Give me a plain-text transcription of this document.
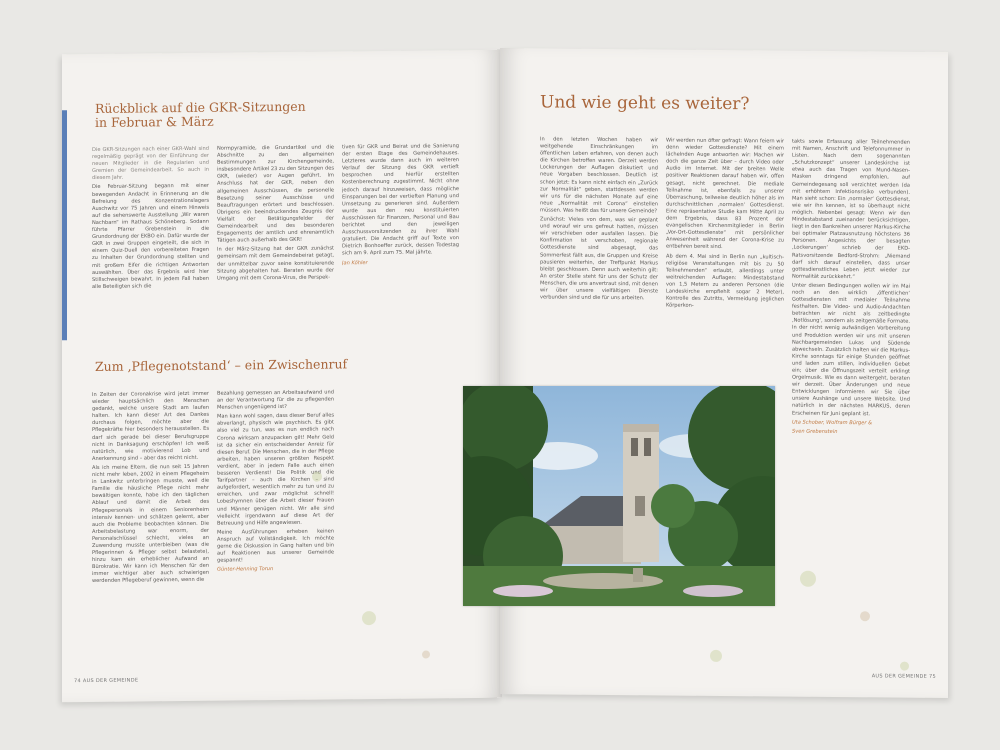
Rückblick auf die GKR-Sitzungen
in Februar & März

Die GKR-Sitzungen nach einer GKR-Wahl sind regelmäßig geprägt von der Einführung der neuen Mitglieder in die Regularien und Gremien der Gemeindearbeit. So auch in diesem Jahr.

Die Februar-Sitzung begann mit einer bewegenden Andacht in Erinnerung an die Befreiung des Konzentrationslagers Auschwitz vor 75 Jahren und einem Hinweis auf die sehenswerte Ausstellung „Wir waren Nachbarn“ im Rathaus Schöneberg. Sodann führte Pfarrer Grebenstein in die Grundordnung der EKBO ein. Dafür wurde der GKR in zwei Gruppen eingeteilt, die sich in einem Quiz-Duell den vorbereiteten Fragen zu Inhalten der Grundordnung stellten und mit großem Eifer die richtigen Antworten auswählten. Über das Ergebnis wird hier Stillschweigen bewahrt. In jedem Fall haben alle Beteiligten sich die

Normpyramide, die Grundartikel und die Abschnitte zu den allgemeinen Bestimmungen zur Kirchengemeinde, insbesondere Artikel 23 zu den Sitzungen des GKR, (wieder) vor Augen geführt. Im Anschluss hat der GKR, neben den allgemeinen Ausschüssen, die personelle Besetzung seiner Ausschüsse und Beauftragungen erörtert und beschlossen. Übrigens ein beeindruckendes Zeugnis der Vielfalt der Betätigungsfelder der Gemeindearbeit und des besonderen Engagements der amtlich und ehrenamtlich Tätigen auch außerhalb des GKR!

In der März-Sitzung hat der GKR zunächst gemeinsam mit dem Gemeindebeirat getagt, der unmittelbar zuvor seine konstituierende Sitzung abgehalten hat. Beraten wurde der Umgang mit dem Corona-Virus, die Perspek-

tiven für GKR und Beirat und die Sanierung der ersten Etage des Gemeindehauses. Letzteres wurde dann auch im weiteren Verlauf der Sitzung des GKR vertieft besprochen und hierfür erstellten Kostenberechnung zugestimmt. Nicht ohne jedoch darauf hinzuweisen, dass mögliche Einsparungen bei der vertieften Planung und Umsetzung zu generieren sind. Außerdem wurde aus den neu konstituierten Ausschüssen für Finanzen, Personal und Bau berichtet und den jeweiligen Ausschussvorsitzenden zu ihrer Wahl gratuliert. Die Andacht griff auf Texte von Dietrich Bonhoeffer zurück, dessen Todestag sich am 9. April zum 75. Mal jährte.

Jan Köhler

Zum ‚Pflegenotstand‘ – ein Zwischenruf

In Zeiten der Coronakrise wird jetzt immer wieder hauptsächlich den Menschen gedankt, welche unsere Stadt am laufen halten. Ich kann dieser Art des Dankes durchaus folgen, möchte aber die Pflegekräfte hier besonders herausstellen. Es darf sich gerade bei dieser Berufsgruppe nicht in Danksagung erschöpfen! Ich weiß natürlich, wie motivierend Lob und Anerkennung sind – aber das reicht nicht.

Als ich meine Eltern, die nun seit 15 Jahren nicht mehr leben, 2002 in einem Pflegeheim in Lankwitz unterbringen musste, weil die Familie die häusliche Pflege nicht mehr bewältigen konnte, habe ich den täglichen Ablauf und damit die Arbeit des Pflegepersonals in einem Seniorenheim intensiv kennen- und schätzen gelernt, aber auch die Probleme beobachten können. Die Arbeitsbelastung war enorm, der Personalschlüssel schlecht, vieles an Zuwendung musste unterbleiben (was die Pflegerinnen & Pfleger selbst belastete), hinzu kam ein erheblicher Aufwand an Bürokratie. Wir kann ich Menschen für den immer wichtiger aber auch schwierigen werdenden Pflegeberuf gewinnen, wenn die

Bezahlung gemessen an Arbeitsaufwand und an der Verantwortung für die zu pflegenden Menschen ungenügend ist?

Man kann wohl sagen, dass dieser Beruf alles abverlangt, physisch wie psychisch. Es gibt also viel zu tun, was es nun endlich nach Corona wirksam anzupacken gilt! Mehr Geld ist da sicher ein entscheidender Anreiz für diesen Beruf. Die Menschen, die in der Pflege arbeiten, haben unseren größten Respekt verdient, aber in jedem Falle auch einen besseren Verdienst! Die Politik und die Tarifpartner – auch die Kirchen – sind aufgefordert, wesentlich mehr zu tun und zu erreichen, und zwar möglichst schnell! Lobeshymnen über die Arbeit dieser Frauen und Männer genügen nicht. Wir alle sind vielleicht irgendwann auf diese Art der Betreuung und Hilfe angewiesen.

Meine Ausführungen erheben keinen Anspruch auf Vollständigkeit. Ich möchte gerne die Diskussion in Gang halten und bin auf Reaktionen aus unserer Gemeinde gespannt!

Günter-Henning Torun

74 AUS DER GEMEINDE
Und wie geht es weiter?

In den letzten Wochen haben wir weitgehende Einschränkungen im öffentlichen Leben erfahren, von denen auch die Kirchen betroffen waren. Derzeit werden Lockerungen der Auflagen diskutiert und neue Vorgaben beschlossen. Deutlich ist schon jetzt: Es kann nicht einfach ein „Zurück zur Normalität“ geben, stattdessen werden wir uns für die nächsten Monate auf eine neue „Normalität mit Corona“ einstellen müssen. Was heißt das für unsere Gemeinde?

Zunächst: Vieles von dem, was wir geplant und worauf wir uns gefreut hatten, müssen wir verschieben oder ausfallen lassen. Die Konfirmation ist verschoben, regionale Gottesdienste sind abgesagt, das Sommerfest fällt aus, die Gruppen und Kreise pausieren weiterhin, der Treffpunkt Markus bleibt geschlossen. Denn auch weiterhin gilt: An erster Stelle steht für uns der Schutz der Menschen, die uns anvertraut sind, mit denen wir über unsere vielfältigen Dienste verbunden sind und die für uns arbeiten.

Wir werden nun öfter gefragt: Wann feiern wir denn wieder Gottesdienste? Mit einem lächelnden Auge antworten wir: Machen wir doch die ganze Zeit über – durch Video oder Audio im Internet. Mit der breiten Welle positiver Reaktionen darauf haben wir, offen gesagt, nicht gerechnet. Die mediale Teilnahme ist, ebenfalls zu unserer Überraschung, teilweise deutlich höher als im durchschnittlichen ‚normalen‘ Gottesdienst. Eine repräsentative Studie kam Mitte April zu dem Ergebnis, dass 83 Prozent der evangelischen Kirchenmitglieder in Berlin „Vor-Ort-Gottesdienste“ mit persönlicher Anwesenheit während der Corona-Krise zu entbehren bereit sind.

Ab dem 4. Mai sind in Berlin nun „kultisch-religiöse Veranstaltungen mit bis zu 50 Teilnehmenden“ erlaubt, allerdings unter weitreichenden Auflagen: Mindestabstand von 1,5 Metern zu anderen Personen (die Landeskirche empfiehlt sogar 2 Meter), Kontrolle des Zutritts, Vermeidung jeglichen Körperkon-

takts sowie Erfassung aller Teilnehmenden mit Namen, Anschrift und Telefonnummer in Listen. Nach dem sogenannten „Schutzkonzept“ unserer Landeskirche ist etwa auch das Tragen von Mund-Nasen-Masken dringend empfohlen, auf Gemeindegesang soll verzichtet werden (da mit erhöhtem Infektionsrisiko verbunden). Man sieht schon: Ein ‚normaler‘ Gottesdienst, wie wir ihn kennen, ist so überhaupt nicht möglich. Nebenbei gesagt: Wenn wir den Mindestabstand zueinander berücksichtigen, liegt in den Bankreihen unserer Markus-Kirche bei optimaler Platzausnutzung höchstens 36 Personen. Angesichts der besagten ‚Lockerungen‘ schrieb der EKD-Ratsvorsitzende Bedford-Strohm: „Niemand darf sich darauf einstellen, dass unser gottesdienstliches Leben jetzt wieder zur Normalität zurückkehrt.“

Unter diesen Bedingungen wollen wir im Mai noch an den wirklich ‚öffentlichen‘ Gottesdiensten mit medialer Teilnahme festhalten. Die Video- und Audio-Andachten betrachten wir nicht als zeitbedingte ‚Notlösung‘, sondern als zeitgemäße Formate. In der nicht wenig aufwändigen Vorbereitung und Produktion werden wir uns mit unseren Nachbargemeinden Lukas und Südende abwechseln. Zusätzlich halten wir die Markus-Kirche sonntags für einige Stunden geöffnet und laden zum stillen, individuellen Gebet ein; über die Öffnungszeit verteilt erklingt Orgelmusik. Wie es dann weitergeht, beraten wir derzeit. Über Änderungen und neue Entwicklungen informieren wir Sie über unsere Aushänge und unsere Website. Und natürlich in der nächsten MARKUS, deren Erscheinen für Juni geplant ist.

Uta Schober, Wolfram Bürger &

Sven Grebenstein

AUS DER GEMEINDE 75
